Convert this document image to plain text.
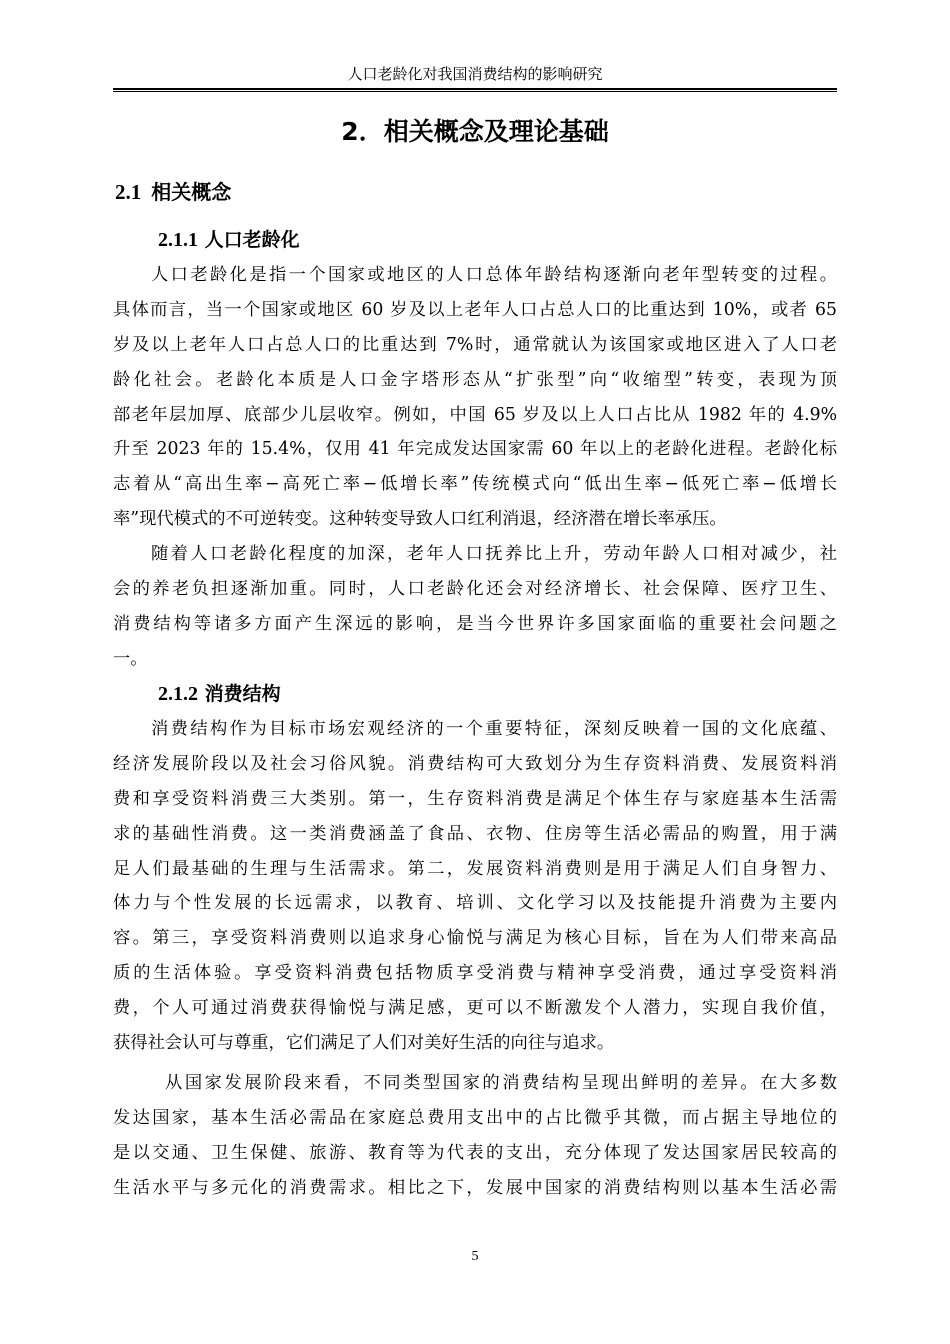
人口老龄化对我国消费结构的影响研究
2．相关概念及理论基础
2.1 相关概念
2.1.1 人口老龄化
人口老龄化是指一个国家或地区的人口总体年龄结构逐渐向老年型转变的过程。
具体而言，当一个国家或地区 60 岁及以上老年人口占总人口的比重达到 10%，或者 65
岁及以上老年人口占总人口的比重达到 7%时，通常就认为该国家或地区进入了人口老
龄化社会。老龄化本质是人口金字塔形态从“扩张型”向“收缩型”转变，表现为顶
部老年层加厚、底部少儿层收窄。例如，中国 65 岁及以上人口占比从 1982 年的 4.9%
升至 2023 年的 15.4%，仅用 41 年完成发达国家需 60 年以上的老龄化进程。老龄化标
志着从“高出生率−高死亡率−低增长率”传统模式向“低出生率−低死亡率−低增长
率”现代模式的不可逆转变。这种转变导致人口红利消退，经济潜在增长率承压。
随着人口老龄化程度的加深，老年人口抚养比上升，劳动年龄人口相对减少，社
会的养老负担逐渐加重。同时，人口老龄化还会对经济增长、社会保障、医疗卫生、
消费结构等诸多方面产生深远的影响，是当今世界许多国家面临的重要社会问题之
一。
2.1.2 消费结构
消费结构作为目标市场宏观经济的一个重要特征，深刻反映着一国的文化底蕴、
经济发展阶段以及社会习俗风貌。消费结构可大致划分为生存资料消费、发展资料消
费和享受资料消费三大类别。第一，生存资料消费是满足个体生存与家庭基本生活需
求的基础性消费。这一类消费涵盖了食品、衣物、住房等生活必需品的购置，用于满
足人们最基础的生理与生活需求。第二，发展资料消费则是用于满足人们自身智力、
体力与个性发展的长远需求，以教育、培训、文化学习以及技能提升消费为主要内
容。第三，享受资料消费则以追求身心愉悦与满足为核心目标，旨在为人们带来高品
质的生活体验。享受资料消费包括物质享受消费与精神享受消费，通过享受资料消
费，个人可通过消费获得愉悦与满足感，更可以不断激发个人潜力，实现自我价值，
获得社会认可与尊重，它们满足了人们对美好生活的向往与追求。
从国家发展阶段来看，不同类型国家的消费结构呈现出鲜明的差异。在大多数
发达国家，基本生活必需品在家庭总费用支出中的占比微乎其微，而占据主导地位的
是以交通、卫生保健、旅游、教育等为代表的支出，充分体现了发达国家居民较高的
生活水平与多元化的消费需求。相比之下，发展中国家的消费结构则以基本生活必需
5
